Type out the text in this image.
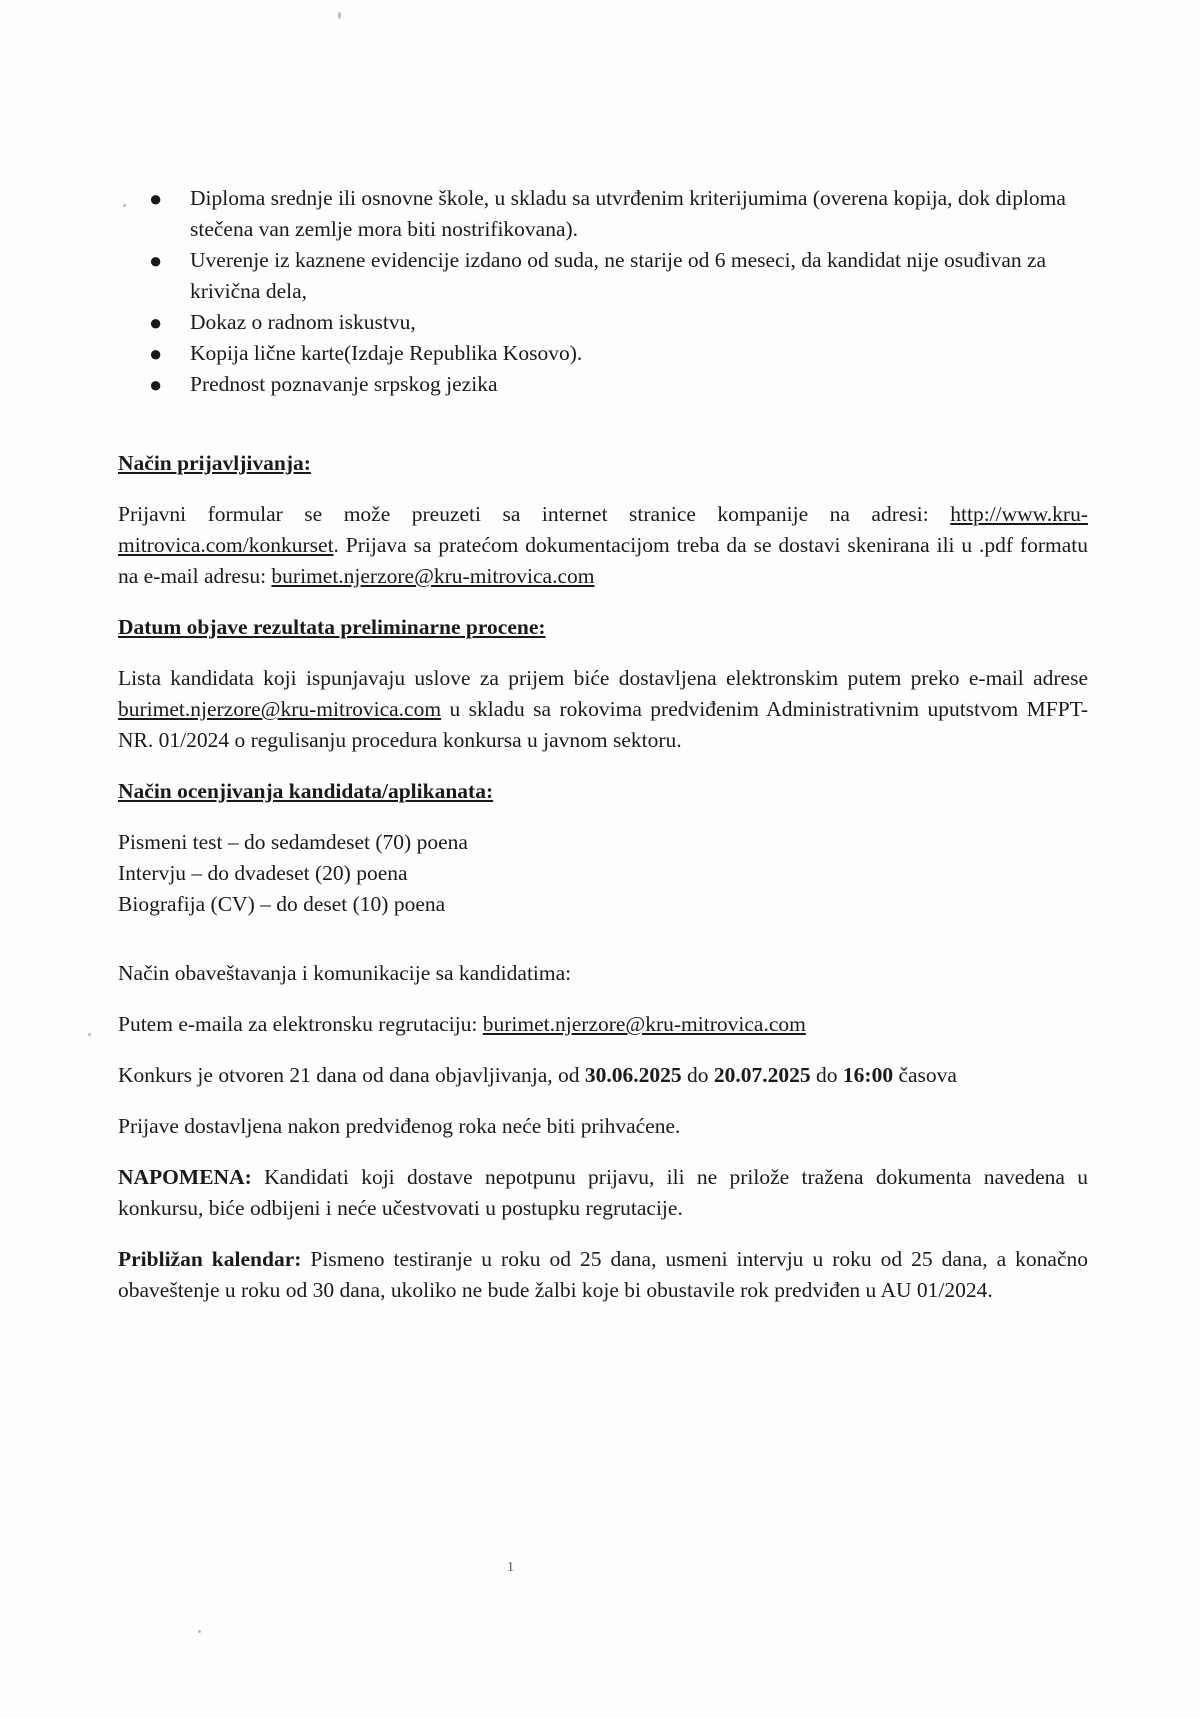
● Diploma srednje ili osnovne škole, u skladu sa utvrđenim kriterijumima (overena kopija, dok diploma stečena van zemlje mora biti nostrifikovana).
● Uverenje iz kaznene evidencije izdano od suda, ne starije od 6 meseci, da kandidat nije osuđivan za krivična dela,
● Dokaz o radnom iskustvu,
● Kopija lične karte(Izdaje Republika Kosovo).
● Prednost poznavanje srpskog jezika

Način prijavljivanja:

Prijavni formular se može preuzeti sa internet stranice kompanije na adresi: http://www.kru-mitrovica.com/konkurset. Prijava sa pratećom dokumentacijom treba da se dostavi skenirana ili u .pdf formatu na e-mail adresu: burimet.njerzore@kru-mitrovica.com

Datum objave rezultata preliminarne procene:

Lista kandidata koji ispunjavaju uslove za prijem biće dostavljena elektronskim putem preko e-mail adrese burimet.njerzore@kru-mitrovica.com u skladu sa rokovima predviđenim Administrativnim uputstvom MFPT-NR. 01/2024 o regulisanju procedura konkursa u javnom sektoru.

Način ocenjivanja kandidata/aplikanata:

Pismeni test – do sedamdeset (70) poena

Intervju – do dvadeset (20) poena

Biografija (CV) – do deset (10) poena

Način obaveštavanja i komunikacije sa kandidatima:

Putem e-maila za elektronsku regrutaciju: burimet.njerzore@kru-mitrovica.com

Konkurs je otvoren 21 dana od dana objavljivanja, od 30.06.2025 do 20.07.2025 do 16:00 časova

Prijave dostavljena nakon predviđenog roka neće biti prihvaćene.

NAPOMENA: Kandidati koji dostave nepotpunu prijavu, ili ne prilože tražena dokumenta navedena u konkursu, biće odbijeni i neće učestvovati u postupku regrutacije.

Približan kalendar: Pismeno testiranje u roku od 25 dana, usmeni intervju u roku od 25 dana, a konačno obaveštenje u roku od 30 dana, ukoliko ne bude žalbi koje bi obustavile rok predviđen u AU 01/2024.

1
